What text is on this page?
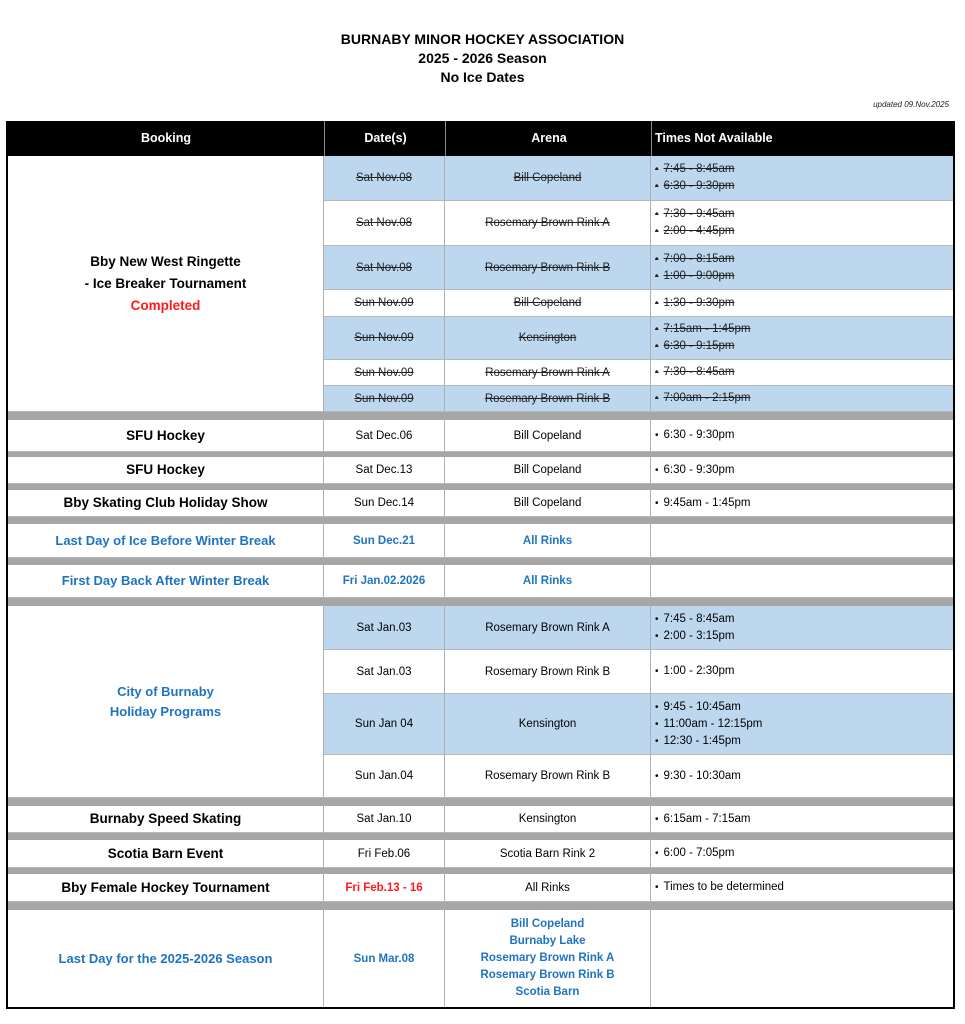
BURNABY MINOR HOCKEY ASSOCIATION
2025 - 2026 Season
No Ice Dates
updated 09.Nov.2025
Booking	Date(s)	Arena	Times Not Available
Bby New West Ringette
- Ice Breaker Tournament
Completed
Sat Nov.08	Bill Copeland
• 7:45 - 8:45am
• 6:30 - 9:30pm
Sat Nov.08	Rosemary Brown Rink A
• 7:30 - 9:45am
• 2:00 - 4:45pm
Sat Nov.08	Rosemary Brown Rink B
• 7:00 - 8:15am
• 1:00 - 9:00pm
Sun Nov.09	Bill Copeland	• 1:30 - 9:30pm
Sun Nov.09	Kensington
• 7:15am - 1:45pm
• 6:30 - 9:15pm
Sun Nov.09	Rosemary Brown Rink A	• 7:30 - 8:45am
Sun Nov.09	Rosemary Brown Rink B	• 7:00am - 2:15pm
SFU Hockey	Sat Dec.06	Bill Copeland	• 6:30 - 9:30pm
SFU Hockey	Sat Dec.13	Bill Copeland	• 6:30 - 9:30pm
Bby Skating Club Holiday Show	Sun Dec.14	Bill Copeland	• 9:45am - 1:45pm
Last Day of Ice Before Winter Break	Sun Dec.21	All Rinks
First Day Back After Winter Break	Fri Jan.02.2026	All Rinks
City of Burnaby
Holiday Programs
Sat Jan.03	Rosemary Brown Rink A
• 7:45 - 8:45am
• 2:00 - 3:15pm
Sat Jan.03	Rosemary Brown Rink B	• 1:00 - 2:30pm
Sun Jan 04	Kensington
• 9:45 - 10:45am
• 11:00am - 12:15pm
• 12:30 - 1:45pm
Sun Jan.04	Rosemary Brown Rink B	• 9:30 - 10:30am
Burnaby Speed Skating	Sat Jan.10	Kensington	• 6:15am - 7:15am
Scotia Barn Event	Fri Feb.06	Scotia Barn Rink 2	• 6:00 - 7:05pm
Bby Female Hockey Tournament	Fri Feb.13 - 16	All Rinks	• Times to be determined
Last Day for the 2025-2026 Season	Sun Mar.08
Bill Copeland
Burnaby Lake
Rosemary Brown Rink A
Rosemary Brown Rink B
Scotia Barn
